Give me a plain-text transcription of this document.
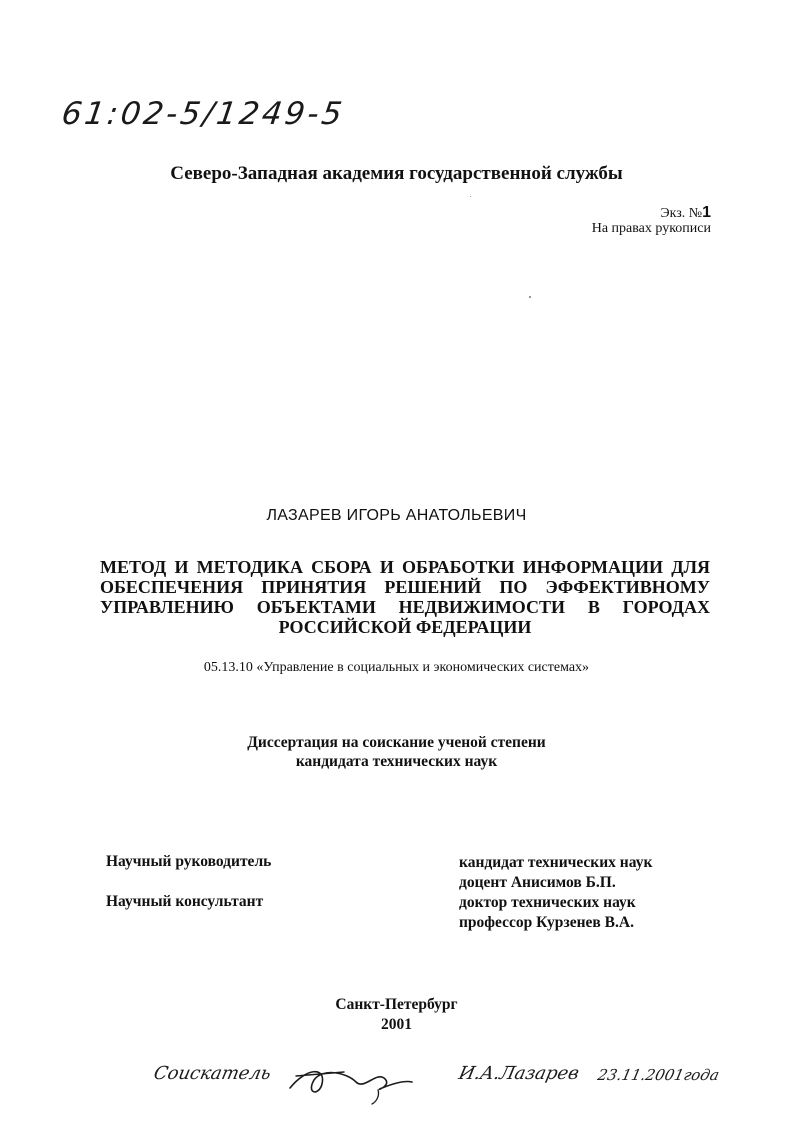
61:02-5/1249-5
Северо-Западная академия государственной службы
Экз. №1
На правах рукописи
ЛАЗАРЕВ ИГОРЬ АНАТОЛЬЕВИЧ
МЕТОД И МЕТОДИКА СБОРА И ОБРАБОТКИ ИНФОРМАЦИИ ДЛЯ ОБЕСПЕЧЕНИЯ ПРИНЯТИЯ РЕШЕНИЙ ПО ЭФФЕКТИВНОМУ УПРАВЛЕНИЮ ОБЪЕКТАМИ НЕДВИЖИМОСТИ В ГОРОДАХ РОССИЙСКОЙ ФЕДЕРАЦИИ
05.13.10 «Управление в социальных и экономических системах»
Диссертация на соискание ученой степени
кандидата технических наук
Научный руководитель	кандидат технических наук
доцент Анисимов Б.П.
Научный консультант	доктор технических наук
профессор Курзенев В.А.
Санкт-Петербург
2001
Соискатель	И.А.Лазарев 23.11.2001года
